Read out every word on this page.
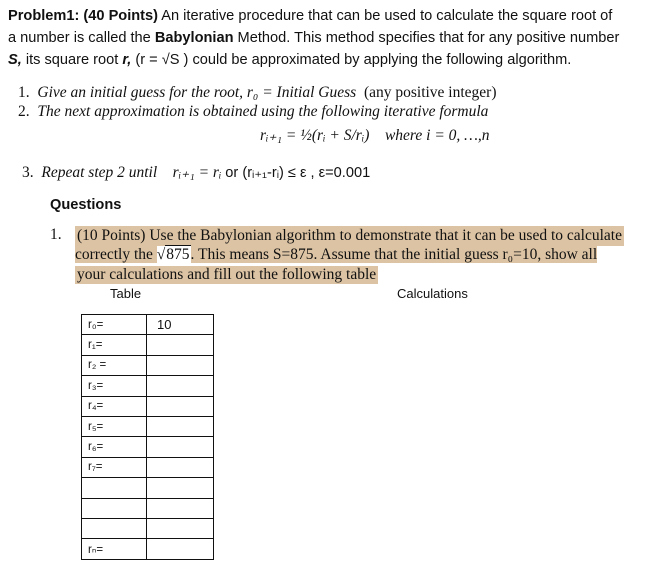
Problem1: (40 Points) An iterative procedure that can be used to calculate the square root of
a number is called the Babylonian Method. This method specifies that for any positive number
S, its square root r, (r = √S ) could be approximated by applying the following algorithm.
1. Give an initial guess for the root, r₀ = Initial Guess (any positive integer)
2. The next approximation is obtained using the following iterative formula
rᵢ₊₁ = ½(rᵢ + S/rᵢ) where i = 0, …,n
3. Repeat step 2 until rᵢ₊₁ = rᵢ or (rᵢ₊₁-rᵢ) ≤ ε , ε=0.001
Questions
1. (10 Points) Use the Babylonian algorithm to demonstrate that it can be used to calculate
correctly the √875. This means S=875. Assume that the initial guess r₀=10, show all
your calculations and fill out the following table
Table	Calculations
r₀=	10
r₁=	
r₂ =	
r₃=	
r₄=	
r₅=	
r₆=	
r₇=	

rₙ=	
